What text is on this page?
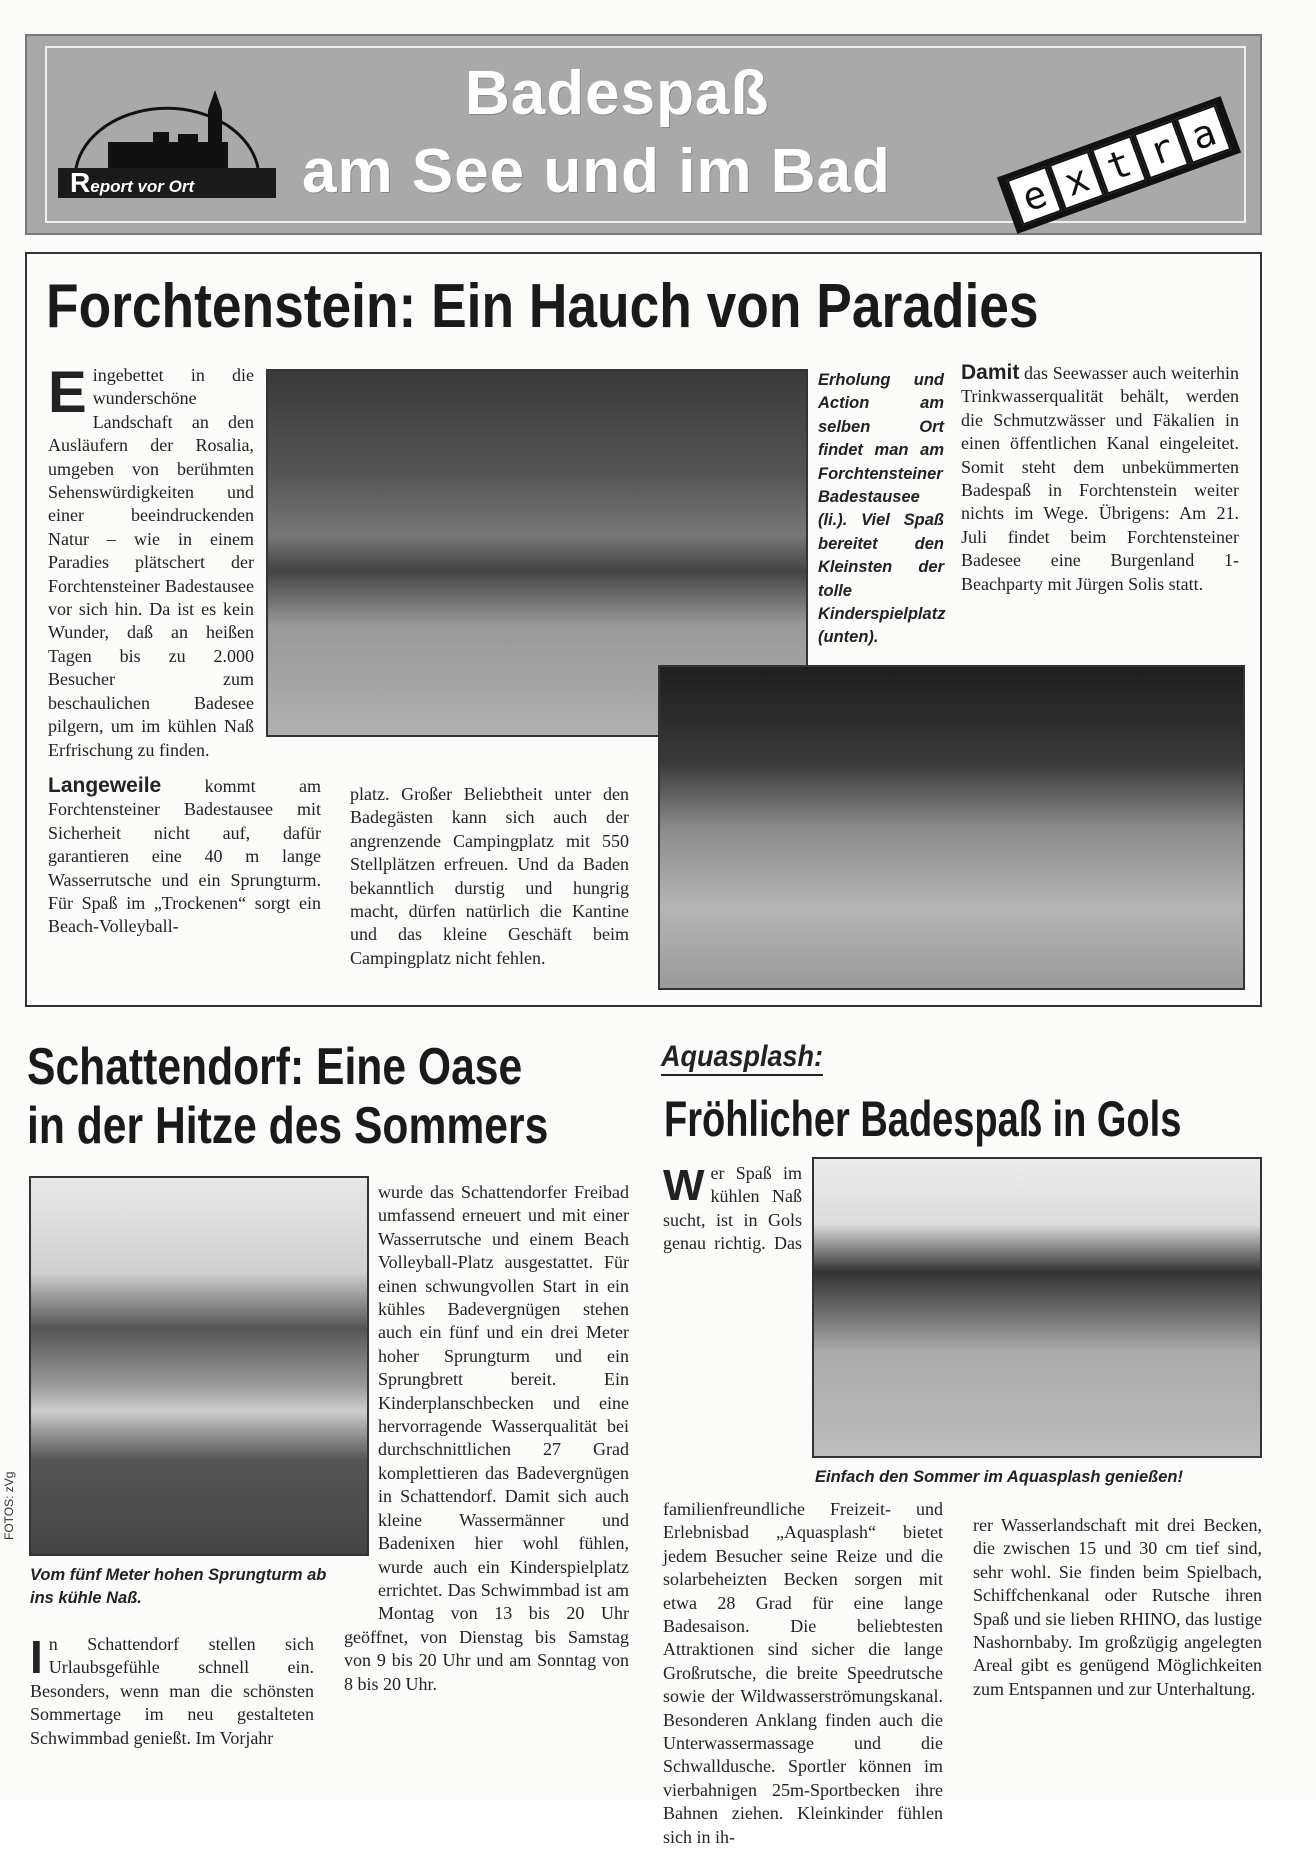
Report vor Ort
Badespaß
am See und im Bad	e x t r a
Forchtenstein: Ein Hauch von Paradies

Eingebettet in die wunderschöne Landschaft an den Ausläufern der Rosalia, umgeben von berühmten Sehenswürdigkeiten und einer beeindruckenden Natur – wie in einem Paradies plätschert der Forchtensteiner Badestausee vor sich hin. Da ist es kein Wunder, daß an heißen Tagen bis zu 2.000 Besucher zum beschaulichen Badesee pilgern, um im kühlen Naß Erfrischung zu finden.

Langeweile kommt am Forchtensteiner Badestausee mit Sicherheit nicht auf, dafür garantieren eine 40 m lange Wasserrutsche und ein Sprungturm. Für Spaß im „Trockenen“ sorgt ein Beach-Volleyball-

Erholung und Action am selben Ort findet man am Forchtensteiner Badestausee (li.). Viel Spaß bereitet den Kleinsten der tolle Kinderspielplatz (unten).

Damit das Seewasser auch weiterhin Trinkwasserqualität behält, werden die Schmutzwässer und Fäkalien in einen öffentlichen Kanal eingeleitet. Somit steht dem unbekümmerten Badespaß in Forchtenstein weiter nichts im Wege. Übrigens: Am 21. Juli findet beim Forchtensteiner Badesee eine Burgenland 1-Beachparty mit Jürgen Solis statt.

platz. Großer Beliebtheit unter den Badegästen kann sich auch der angrenzende Campingplatz mit 550 Stellplätzen erfreuen. Und da Baden bekanntlich durstig und hungrig macht, dürfen natürlich die Kantine und das kleine Geschäft beim Campingplatz nicht fehlen.
Schattendorf: Eine Oase
in der Hitze des Sommers
FOTOS: zVg
Vom fünf Meter hohen Sprungturm ab ins kühle Naß.

In Schattendorf stellen sich Urlaubsgefühle schnell ein. Besonders, wenn man die schönsten Sommertage im neu gestalteten Schwimmbad genießt. Im Vorjahr

wurde das Schattendorfer Freibad umfassend erneuert und mit einer Wasserrutsche und einem Beach Volleyball-Platz ausgestattet. Für einen schwungvollen Start in ein kühles Badevergnügen stehen auch ein fünf und ein drei Meter hoher Sprungturm und ein Sprungbrett bereit. Ein Kinderplanschbecken und eine hervorragende Wasserqualität bei durchschnittlichen 27 Grad komplettieren das Badevergnügen in Schattendorf. Damit sich auch kleine Wassermänner und Badenixen hier wohl fühlen, wurde auch ein Kinderspielplatz errichtet. Das Schwimmbad ist am Montag von 13 bis 20 Uhr geöffnet, von Dienstag bis Samstag von 9 bis 20 Uhr und am Sonntag von 8 bis 20 Uhr.

Aquasplash:
Fröhlicher Badespaß in Gols

Wer Spaß im kühlen Naß sucht, ist in Gols genau richtig. Das familienfreundliche Freizeit- und Erlebnisbad „Aquasplash“ bietet jedem Besucher seine Reize und die solarbeheizten Becken sorgen mit etwa 28 Grad für eine lange Badesaison. Die beliebtesten Attraktionen sind sicher die lange Großrutsche, die breite Speedrutsche sowie der Wildwasserströmungskanal. Besonderen Anklang finden auch die Unterwassermassage und die Schwalldusche. Sportler können im vierbahnigen 25m-Sportbecken ihre Bahnen ziehen. Kleinkinder fühlen sich in ih-

Einfach den Sommer im Aquasplash genießen!
rer Wasserlandschaft mit drei Becken, die zwischen 15 und 30 cm tief sind, sehr wohl. Sie finden beim Spielbach, Schiffchenkanal oder Rutsche ihren Spaß und sie lieben RHINO, das lustige Nashornbaby. Im großzügig angelegten Areal gibt es genügend Möglichkeiten zum Entspannen und zur Unterhaltung.
